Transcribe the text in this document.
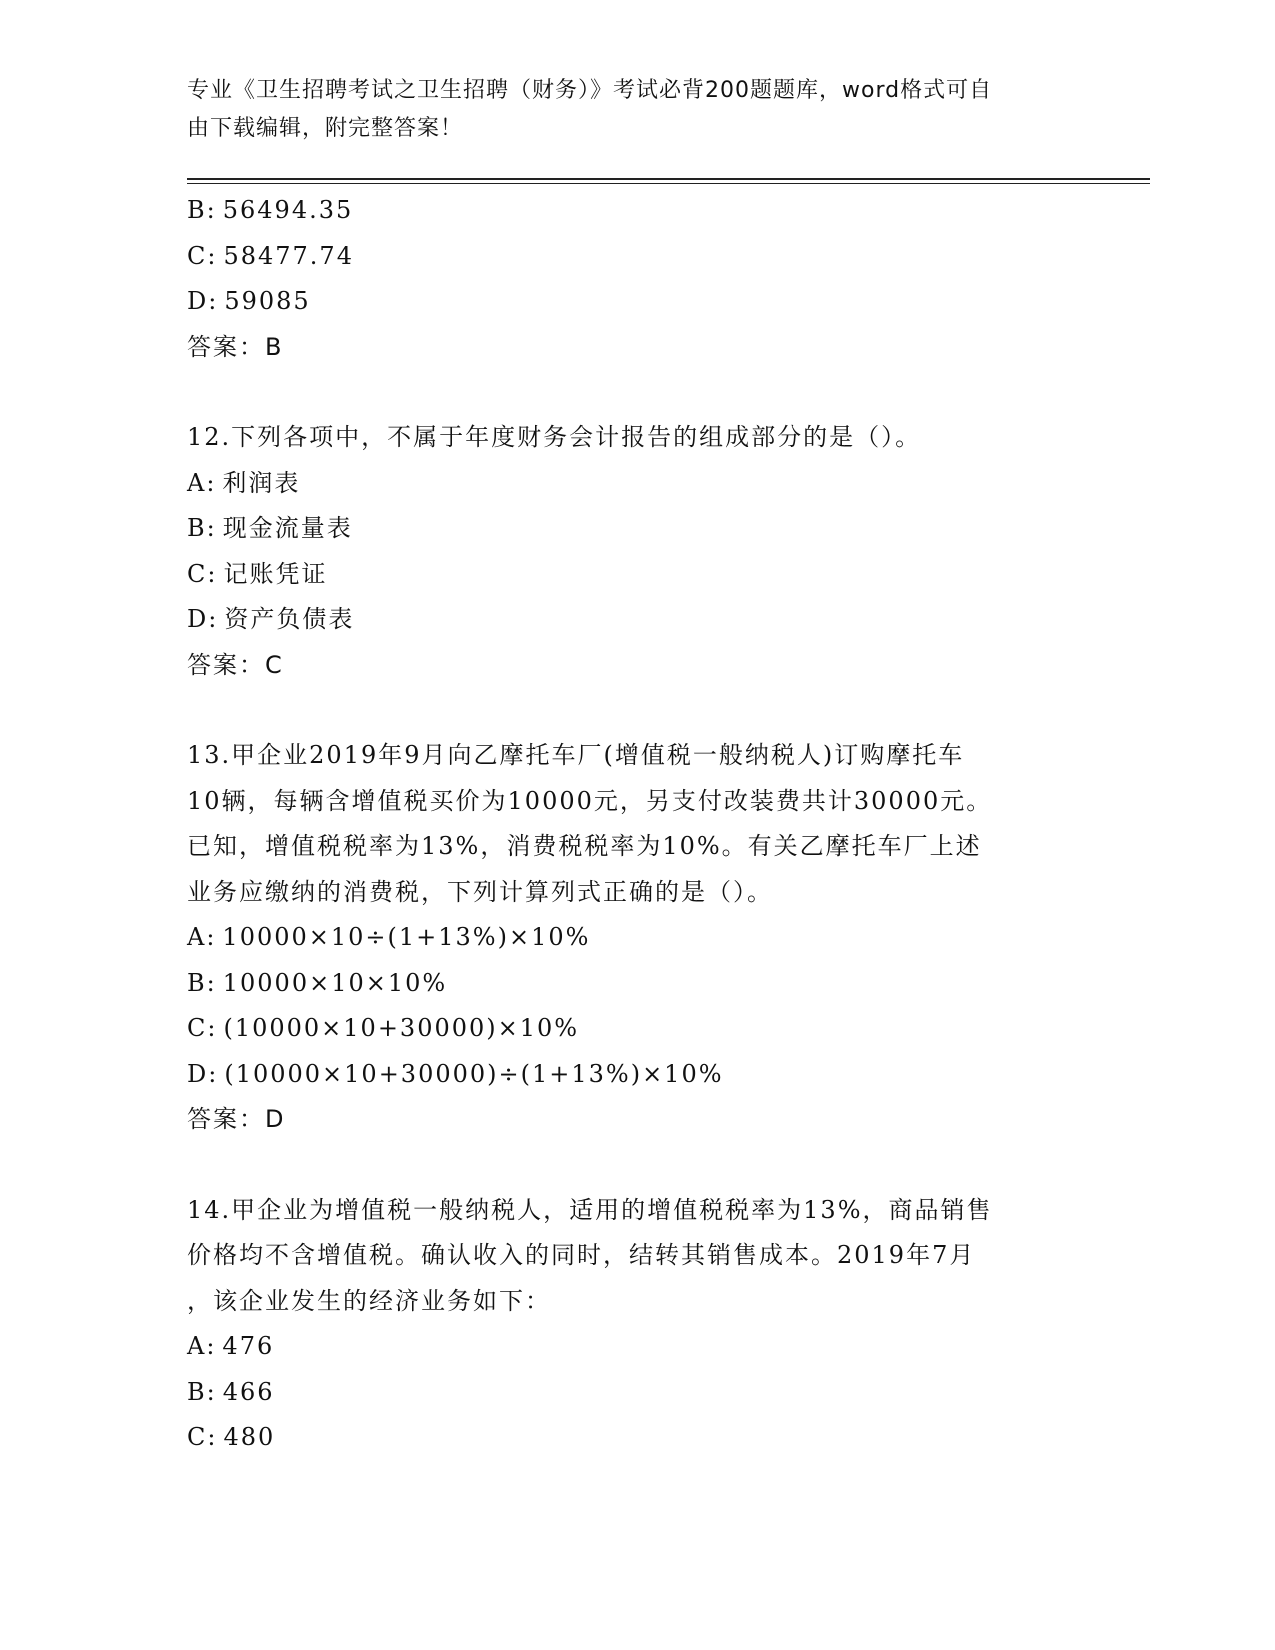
专业《卫生招聘考试之卫生招聘（财务）》考试必背200题题库，word格式可自
由下载编辑，附完整答案！
B: 56494.35
C: 58477.74
D: 59085
答案：B
12.下列各项中，不属于年度财务会计报告的组成部分的是（）。
A: 利润表
B: 现金流量表
C: 记账凭证
D: 资产负债表
答案：C
13.甲企业2019年9月向乙摩托车厂(增值税一般纳税人)订购摩托车
10辆，每辆含增值税买价为10000元，另支付改装费共计30000元。
已知，增值税税率为13%，消费税税率为10%。有关乙摩托车厂上述
业务应缴纳的消费税，下列计算列式正确的是（）。
A: 10000×10÷(1+13%)×10%
B: 10000×10×10%
C: (10000×10+30000)×10%
D: (10000×10+30000)÷(1+13%)×10%
答案：D
14.甲企业为增值税一般纳税人，适用的增值税税率为13%，商品销售
价格均不含增值税。确认收入的同时，结转其销售成本。2019年7月
，该企业发生的经济业务如下：
A: 476
B: 466
C: 480
